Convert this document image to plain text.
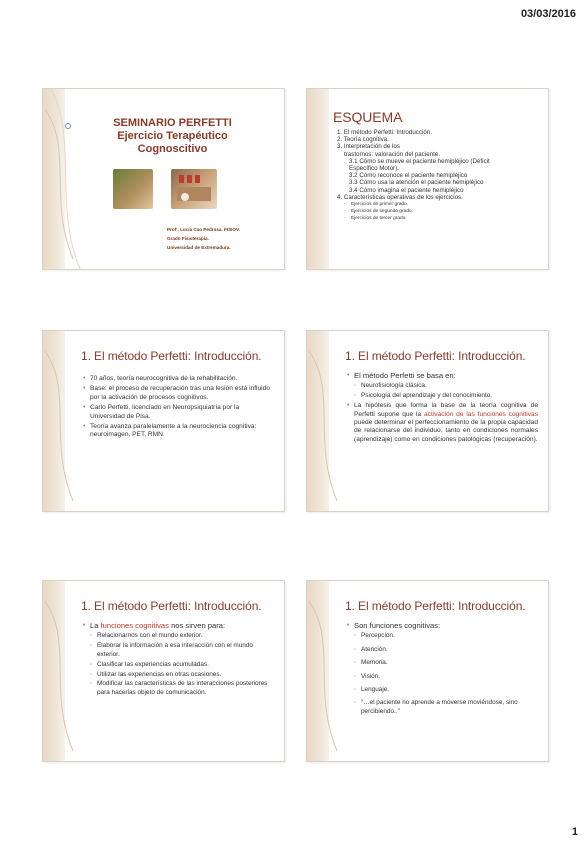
03/03/2016
SEMINARIO PERFETTI
Ejercicio Terapéutico
Cognoscitivo
Prof’. Lucía Cao Pedrosa. FISIOV.
Grado Fisioterapia.
Universidad de Extremadura.
ESQUEMA
1. El método Perfetti: Introducción.
2. Teoría cognitiva.
3. Interpretación de los
trastornos: valoración del paciente.
3.1 Cómo se mueve el paciente hemipléjico (Déficit
Específico Motor).
3.2 Cómo reconoce el paciente hemipléjico
3.3 Cómo usa la atención el paciente hemipléjico
3.4 Cómo imagina el paciente hemipléjico
4. Características operativas de los ejercicios.
◦ Ejercicios de primer grado.
◦ Ejercicios de segundo grado.
◦ Ejercicios de tercer grado.
1. El método Perfetti: Introducción.
• 70 años, teoría neurocognitiva de la rehabilitación.
• Base: el proceso de recuperación tras una lesión está influido por la activación de procesos cognitivos.
• Carlo Perfetti, licenciado en Neuropsiquiatría por la Universidad de Pisa.
• Teoría avanza paralelamente a la neurociencia cognitiva: neuroimagen, PET, RMN.
1. El método Perfetti: Introducción.
• El método Perfetti se basa en:
◦ Neurofisiología clásica.
◦ Psicología del aprendizaje y del conocimiento.
• La hipótesis que forma la base de la teoría cognitiva de Perfetti supone que la activación de las funciones cognitivas puede determinar el perfeccionamiento de la propia capacidad de relacionarse del individuo, tanto en condiciones normales (aprendizaje) como en condiciones patológicas (recuperación).
1. El método Perfetti: Introducción.
• La funciones cognitivas nos sirven para:
◦ Relacionarnos con el mundo exterior.
◦ Elaborar la información a esa interacción con el mundo exterior.
◦ Clasificar las experiencias acumuladas.
◦ Utilizar las experiencias en otras ocasiones.
◦ Modificar las características de las interacciones posteriores para hacerlas objeto de comunicación.
1. El método Perfetti: Introducción.
• Son funciones cognitivas:
◦ Percepción.
◦ Atención.
◦ Memoria.
◦ Visión.
◦ Lenguaje.
◦ “…el paciente no aprende a moverse moviéndose, sino percibiendo..”
1
